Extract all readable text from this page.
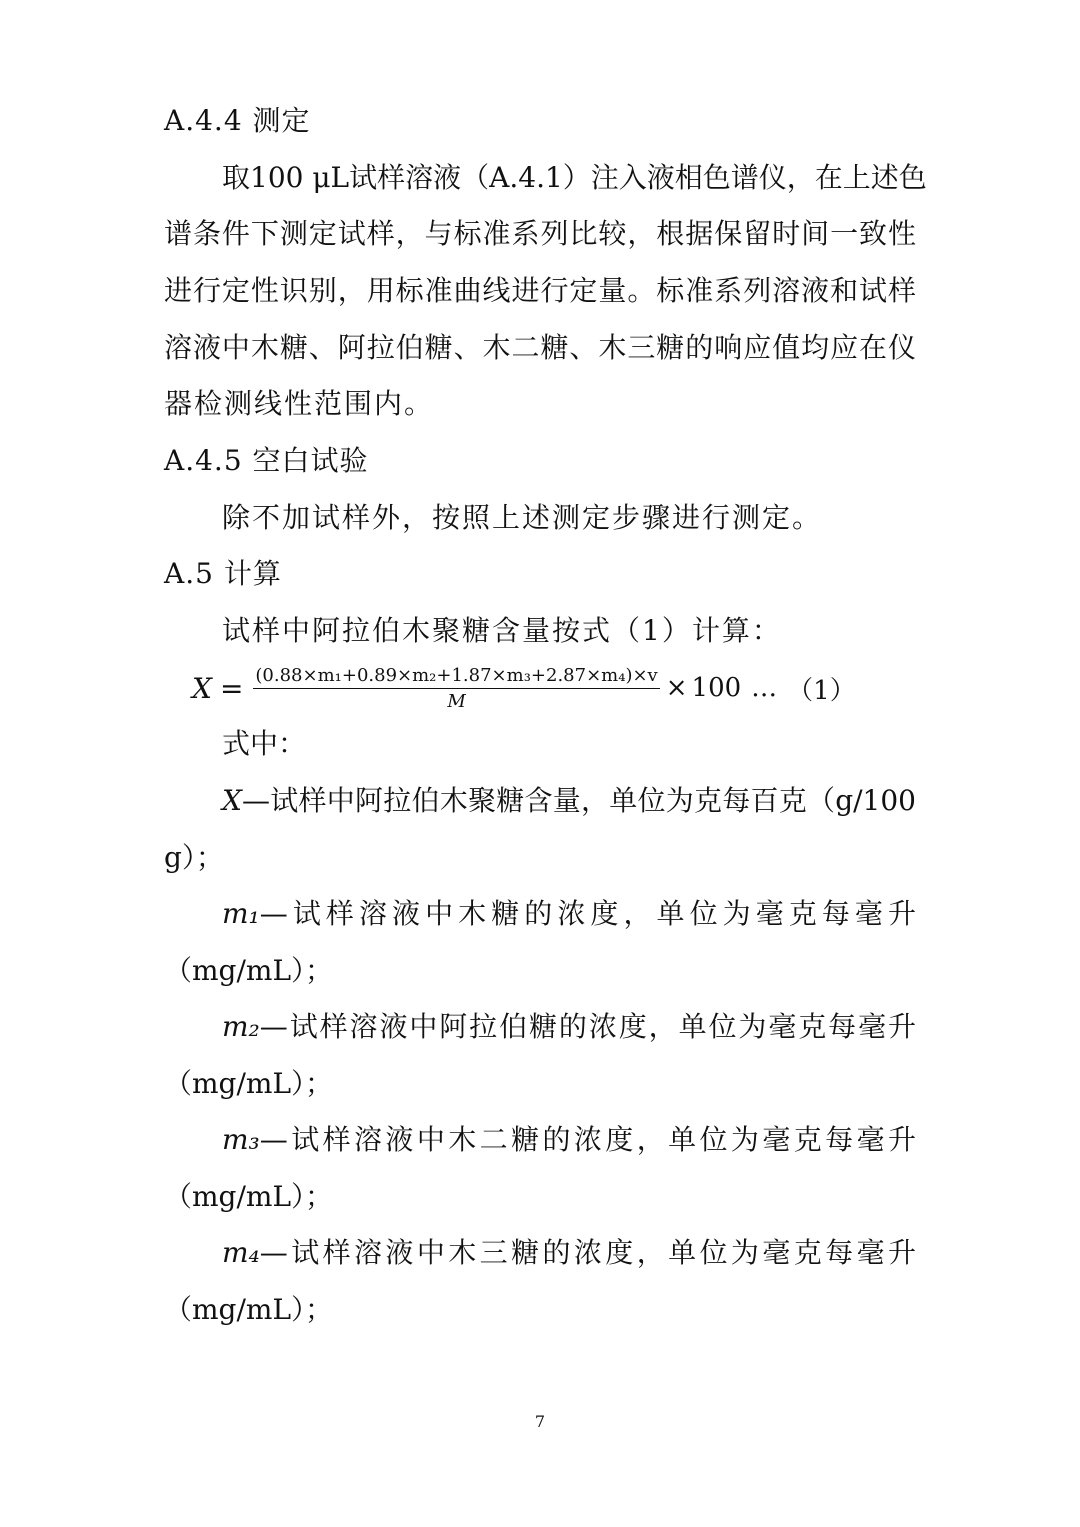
A.4.4 测定
取100 μL试样溶液（A.4.1）注入液相色谱仪，在上述色
谱条件下测定试样，与标准系列比较，根据保留时间一致性
进行定性识别，用标准曲线进行定量。标准系列溶液和试样
溶液中木糖、阿拉伯糖、木二糖、木三糖的响应值均应在仪
器检测线性范围内。
A.4.5 空白试验
除不加试样外，按照上述测定步骤进行测定。
A.5 计算
试样中阿拉伯木聚糖含量按式（1）计算：
$X = \frac{\text{(0.88×m₁+0.89×m₂+1.87×m₃+2.87×m₄)×v}}{M} \times 100$ … （1）
式中：
X—试样中阿拉伯木聚糖含量，单位为克每百克（g/100
g）；
m₁—试样溶液中木糖的浓度，单位为毫克每毫升
（mg/mL）；
m₂—试样溶液中阿拉伯糖的浓度，单位为毫克每毫升
（mg/mL）；
m₃—试样溶液中木二糖的浓度，单位为毫克每毫升
（mg/mL）；
m₄—试样溶液中木三糖的浓度，单位为毫克每毫升
（mg/mL）；
7
